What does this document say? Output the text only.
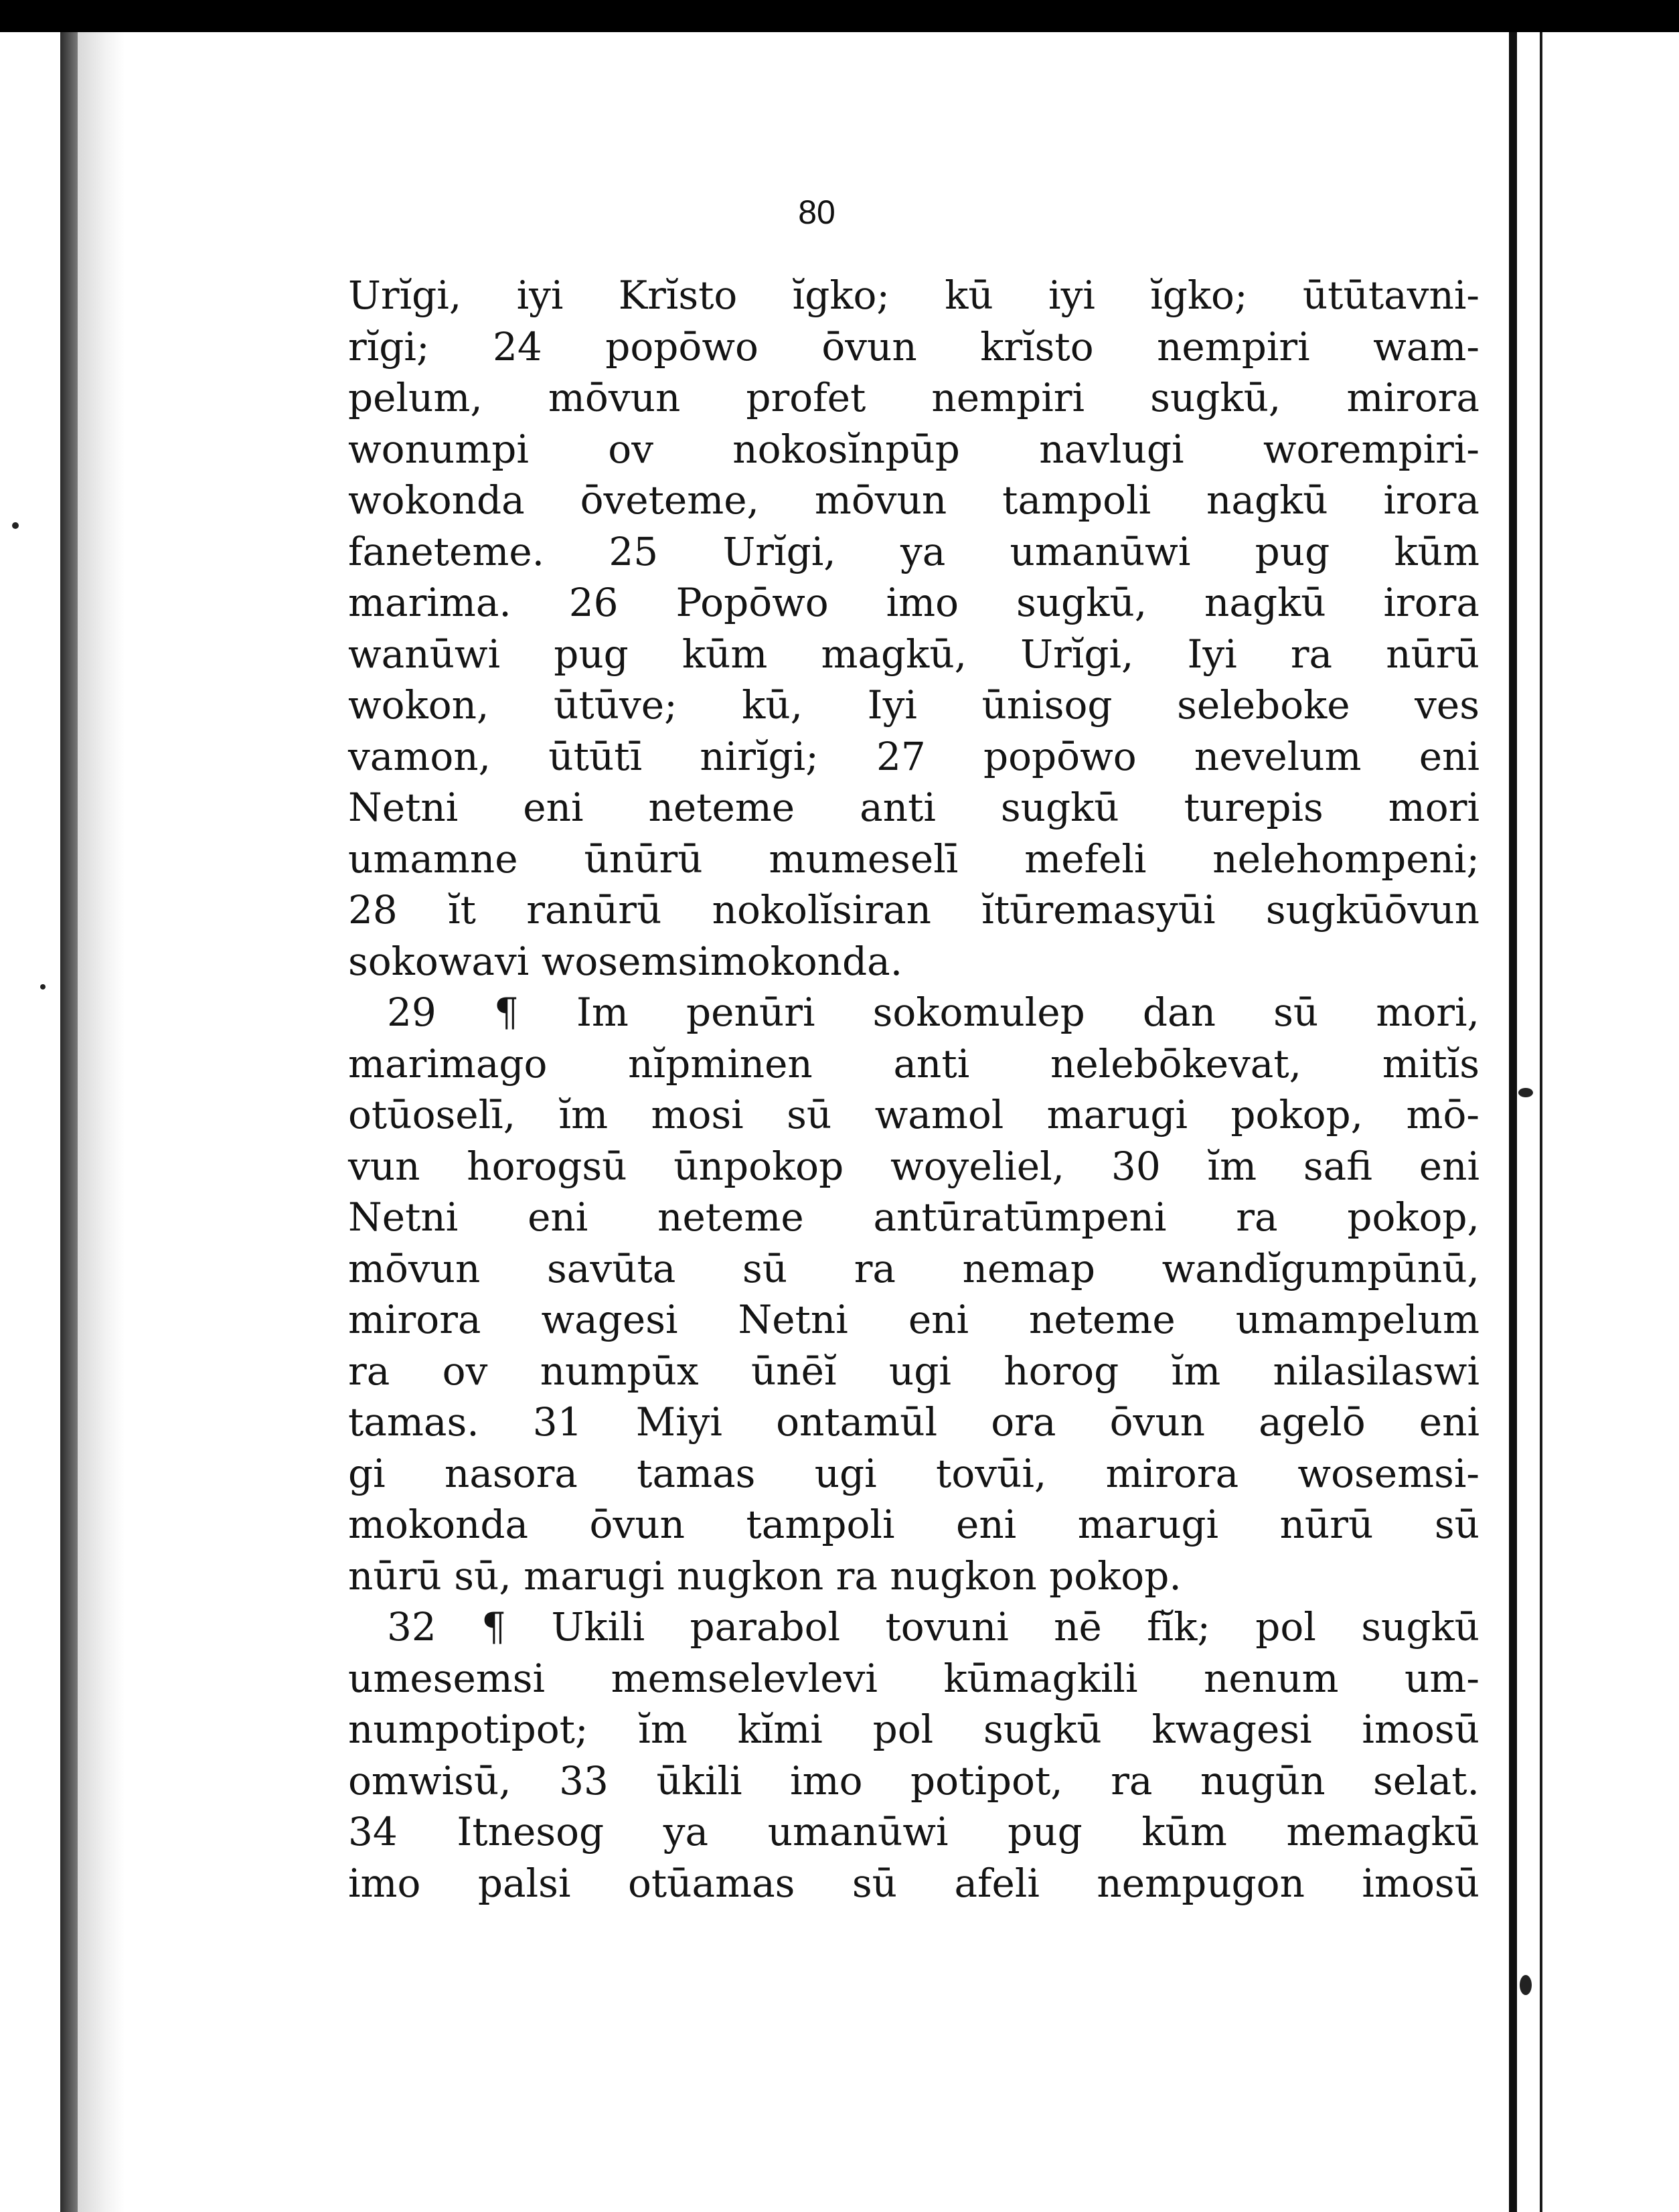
80
Urĭgi, iyi Krĭsto ĭgko; kū iyi ĭgko; ūtūtavni-
rĭgi; 24 popōwo ōvun krĭsto nempiri wam-
pelum, mōvun profet nempiri sugkū, mirora
wonumpi ov nokosĭnpūp navlugi worempiri-
wokonda ōveteme, mōvun tampoli nagkū irora
faneteme. 25 Urĭgi, ya umanūwi pug kūm
marima. 26 Popōwo imo sugkū, nagkū irora
wanūwi pug kūm magkū, Urĭgi, Iyi ra nūrū
wokon, ūtūve; kū, Iyi ūnisog seleboke ves
vamon, ūtūtī nirĭgi; 27 popōwo nevelum eni
Netni eni neteme anti sugkū turepis mori
umamne ūnūrū mumeselī mefeli nelehompeni;
28 ĭt ranūrū nokolĭsiran ĭtūremasyūi sugkūōvun
sokowavi wosemsimokonda.
29 ¶ Im penūri sokomulep dan sū mori,
marimago nĭpminen anti nelebōkevat, mitĭs
otūoselī, ĭm mosi sū wamol marugi pokop, mō-
vun horogsū ūnpokop woyeliel, 30 ĭm safi eni
Netni eni neteme antūratūmpeni ra pokop,
mōvun savūta sū ra nemap wandĭgumpūnū,
mirora wagesi Netni eni neteme umampelum
ra ov numpūx ūnēĭ ugi horog ĭm nilasilaswi
tamas. 31 Miyi ontamūl ora ōvun agelō eni
gi nasora tamas ugi tovūi, mirora wosemsi-
mokonda ōvun tampoli eni marugi nūrū sū
nūrū sū, marugi nugkon ra nugkon pokop.
32 ¶ Ukili parabol tovuni nē fĭk; pol sugkū
umesemsi memselevlevi kūmagkili nenum um-
numpotipot; ĭm kĭmi pol sugkū kwagesi imosū
omwisū, 33 ūkili imo potipot, ra nugūn selat.
34 Itnesog ya umanūwi pug kūm memagkū
imo palsi otūamas sū afeli nempugon imosū
